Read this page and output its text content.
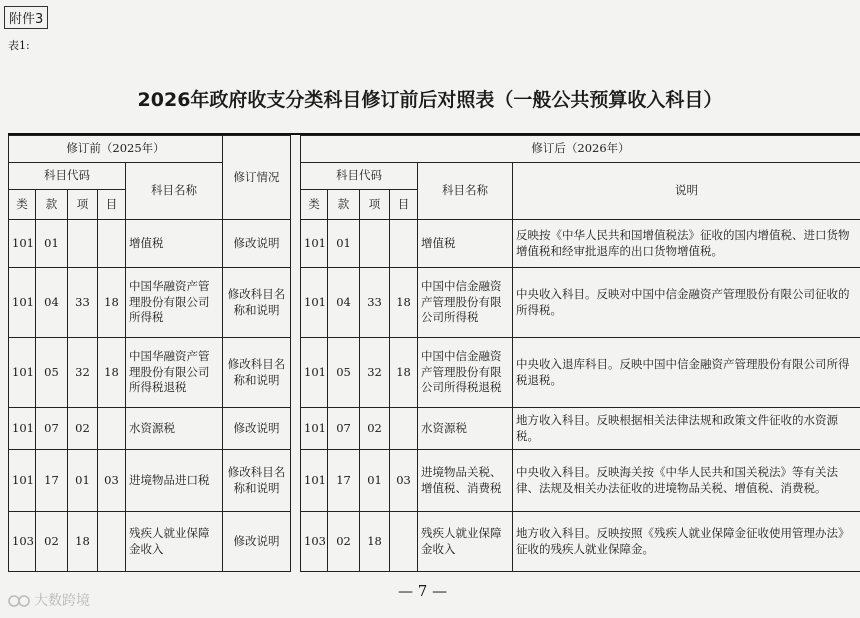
附件3
表1:
2026年政府收支分类科目修订前后对照表（一般公共预算收入科目）
修订前（2025年）					修订情况		修订后（2026年）					
科目代码				科目名称			科目代码				科目名称	说明
类	款	项	目				类	款	项	目		
101	01			增值税	修改说明		101	01			增值税	反映按《中华人民共和国增值税法》征收的国内增值税、进口货物增值税和经审批退库的出口货物增值税。
101	04	33	18	中国华融资产管理股份有限公司所得税	修改科目名称和说明		101	04	33	18	中国中信金融资产管理股份有限公司所得税	中央收入科目。反映对中国中信金融资产管理股份有限公司征收的所得税。
101	05	32	18	中国华融资产管理股份有限公司所得税退税	修改科目名称和说明		101	05	32	18	中国中信金融资产管理股份有限公司所得税退税	中央收入退库科目。反映中国中信金融资产管理股份有限公司所得税退税。
101	07	02		水资源税	修改说明		101	07	02		水资源税	地方收入科目。反映根据相关法律法规和政策文件征收的水资源税。
101	17	01	03	进境物品进口税	修改科目名称和说明		101	17	01	03	进境物品关税、增值税、消费税	中央收入科目。反映海关按《中华人民共和国关税法》等有关法律、法规及相关办法征收的进境物品关税、增值税、消费税。
103	02	18		残疾人就业保障金收入	修改说明		103	02	18		残疾人就业保障金收入	地方收入科目。反映按照《残疾人就业保障金征收使用管理办法》征收的残疾人就业保障金。
— 7 —
大数跨境
